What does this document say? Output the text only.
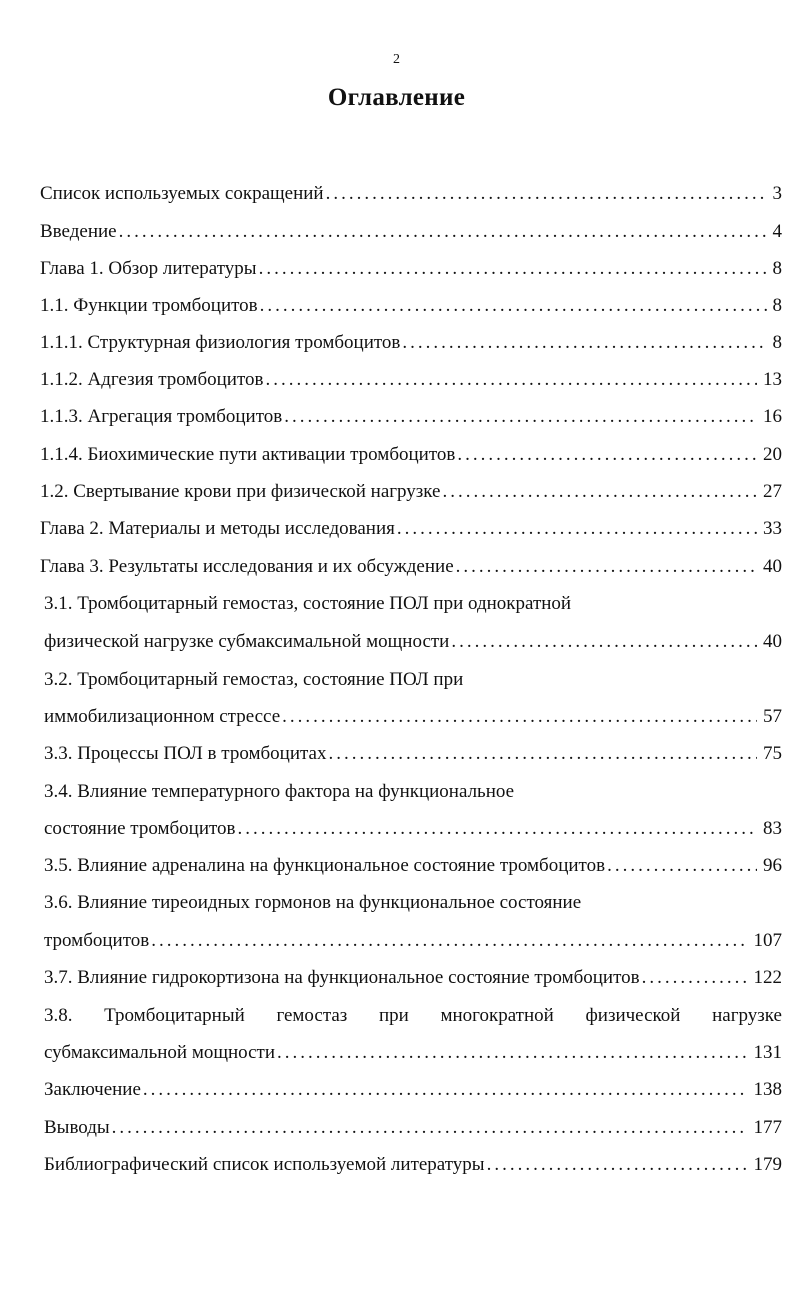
2
Оглавление
Список используемых сокращений .....	3
Введение .....	4
Глава 1. Обзор литературы .....	8
1.1. Функции тромбоцитов .....	8
1.1.1. Структурная физиология тромбоцитов .....	8
1.1.2. Адгезия тромбоцитов .....	13
1.1.3. Агрегация тромбоцитов .....	16
1.1.4. Биохимические пути активации тромбоцитов .....	20
1.2. Свертывание крови при физической нагрузке .....	27
Глава 2. Материалы и методы исследования .....	33
Глава 3. Результаты исследования и их обсуждение .....	40
3.1. Тромбоцитарный гемостаз, состояние ПОЛ при однократной
физической нагрузке субмаксимальной мощности .....	40
3.2. Тромбоцитарный гемостаз, состояние ПОЛ при
иммобилизационном стрессе .....	57
3.3. Процессы ПОЛ в тромбоцитах .....	75
3.4. Влияние температурного фактора на функциональное
состояние тромбоцитов .....	83
3.5. Влияние адреналина на функциональное состояние тромбоцитов .....	96
3.6. Влияние тиреоидных гормонов на функциональное состояние
тромбоцитов .....	107
3.7. Влияние гидрокортизона на функциональное состояние тромбоцитов .....	122
3.8. Тромбоцитарный гемостаз при многократной физической нагрузке
субмаксимальной мощности .....	131
Заключение .....	138
Выводы .....	177
Библиографический список используемой литературы .....	179
